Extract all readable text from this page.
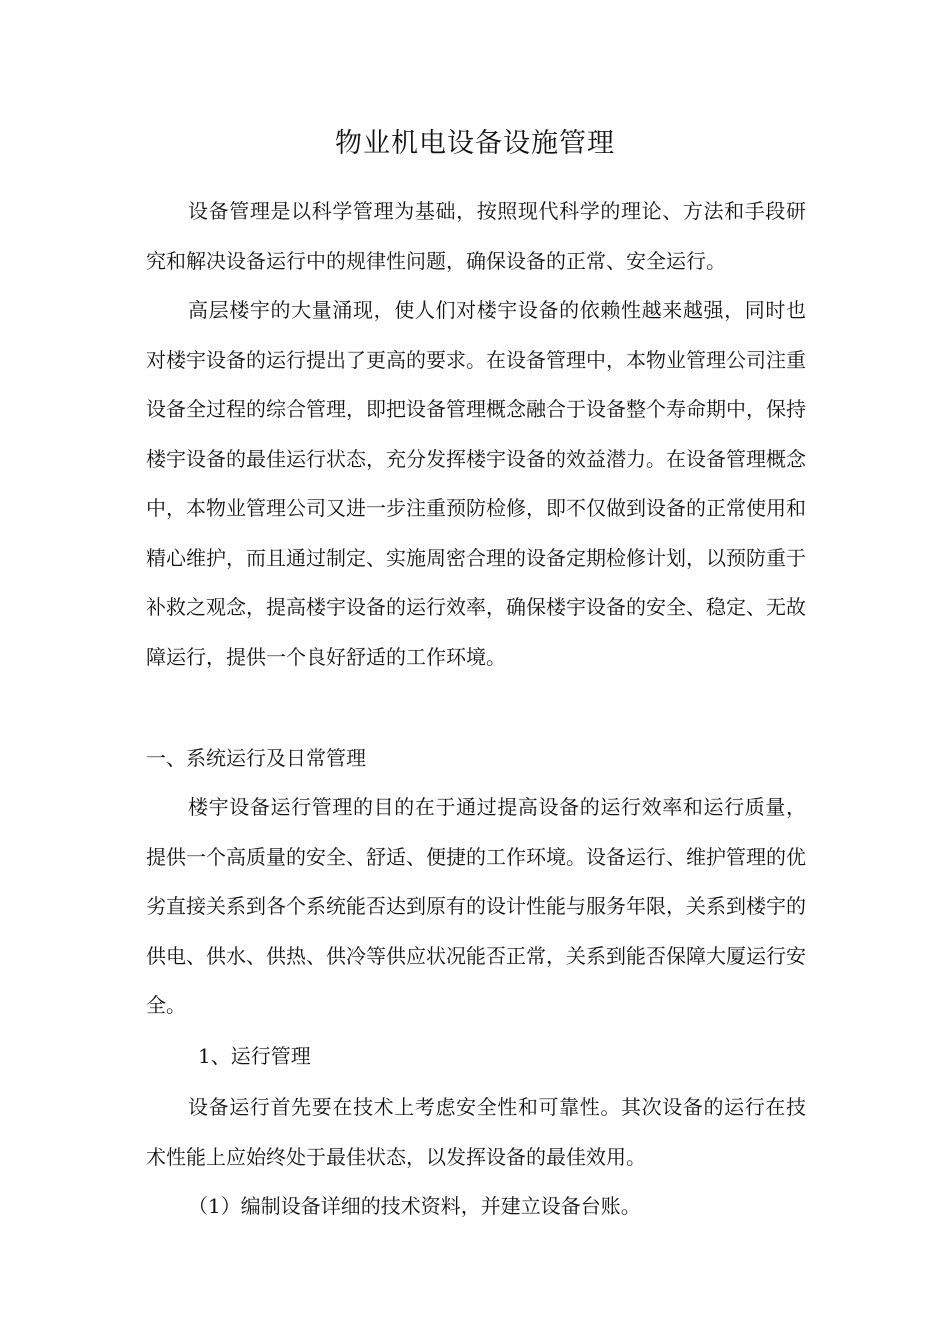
物业机电设备设施管理

设备管理是以科学管理为基础，按照现代科学的理论、方法和手段研究和解决设备运行中的规律性问题，确保设备的正常、安全运行。

高层楼宇的大量涌现，使人们对楼宇设备的依赖性越来越强，同时也对楼宇设备的运行提出了更高的要求。在设备管理中，本物业管理公司注重设备全过程的综合管理，即把设备管理概念融合于设备整个寿命期中，保持楼宇设备的最佳运行状态，充分发挥楼宇设备的效益潜力。在设备管理概念中，本物业管理公司又进一步注重预防检修，即不仅做到设备的正常使用和精心维护，而且通过制定、实施周密合理的设备定期检修计划，以预防重于补救之观念，提高楼宇设备的运行效率，确保楼宇设备的安全、稳定、无故障运行，提供一个良好舒适的工作环境。

一、系统运行及日常管理

楼宇设备运行管理的目的在于通过提高设备的运行效率和运行质量，提供一个高质量的安全、舒适、便捷的工作环境。设备运行、维护管理的优劣直接关系到各个系统能否达到原有的设计性能与服务年限，关系到楼宇的供电、供水、供热、供冷等供应状况能否正常，关系到能否保障大厦运行安全。

1、运行管理

设备运行首先要在技术上考虑安全性和可靠性。其次设备的运行在技术性能上应始终处于最佳状态，以发挥设备的最佳效用。

（1）编制设备详细的技术资料，并建立设备台账。
